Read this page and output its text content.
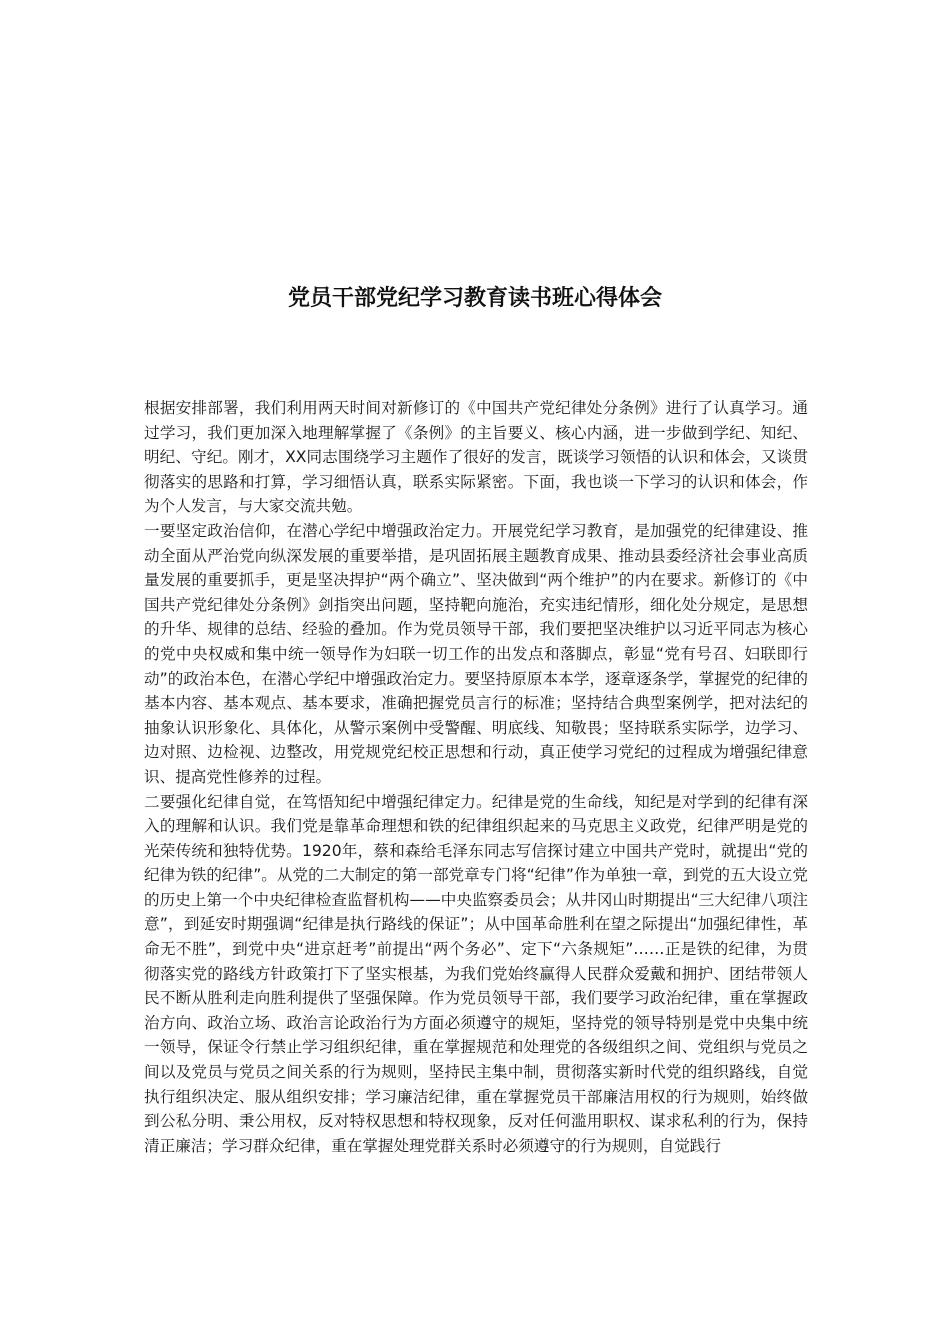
党员干部党纪学习教育读书班心得体会

根据安排部署，我们利用两天时间对新修订的《中国共产党纪律处分条例》进行了认真学习。通过学习，我们更加深入地理解掌握了《条例》的主旨要义、核心内涵，进一步做到学纪、知纪、明纪、守纪。刚才，XX同志围绕学习主题作了很好的发言，既谈学习领悟的认识和体会，又谈贯彻落实的思路和打算，学习细悟认真，联系实际紧密。下面，我也谈一下学习的认识和体会，作为个人发言，与大家交流共勉。

一要坚定政治信仰，在潜心学纪中增强政治定力。开展党纪学习教育，是加强党的纪律建设、推动全面从严治党向纵深发展的重要举措，是巩固拓展主题教育成果、推动县委经济社会事业高质量发展的重要抓手，更是坚决捍护“两个确立”、坚决做到“两个维护”的内在要求。新修订的《中国共产党纪律处分条例》剑指突出问题，坚持靶向施治，充实违纪情形，细化处分规定，是思想的升华、规律的总结、经验的叠加。作为党员领导干部，我们要把坚决维护以习近平同志为核心的党中央权威和集中统一领导作为妇联一切工作的出发点和落脚点，彰显“党有号召、妇联即行动”的政治本色，在潜心学纪中增强政治定力。要坚持原原本本学，逐章逐条学，掌握党的纪律的基本内容、基本观点、基本要求，准确把握党员言行的标准；坚持结合典型案例学，把对法纪的抽象认识形象化、具体化，从警示案例中受警醒、明底线、知敬畏；坚持联系实际学，边学习、边对照、边检视、边整改，用党规党纪校正思想和行动，真正使学习党纪的过程成为增强纪律意识、提高党性修养的过程。

二要强化纪律自觉，在笃悟知纪中增强纪律定力。纪律是党的生命线，知纪是对学到的纪律有深入的理解和认识。我们党是靠革命理想和铁的纪律组织起来的马克思主义政党，纪律严明是党的光荣传统和独特优势。1920年，蔡和森给毛泽东同志写信探讨建立中国共产党时，就提出“党的纪律为铁的纪律”。从党的二大制定的第一部党章专门将“纪律”作为单独一章，到党的五大设立党的历史上第一个中央纪律检查监督机构——中央监察委员会；从井冈山时期提出“三大纪律八项注意”，到延安时期强调“纪律是执行路线的保证”；从中国革命胜利在望之际提出“加强纪律性，革命无不胜”，到党中央“进京赶考”前提出“两个务必”、定下“六条规矩”……正是铁的纪律，为贯彻落实党的路线方针政策打下了坚实根基，为我们党始终赢得人民群众爱戴和拥护、团结带领人民不断从胜利走向胜利提供了坚强保障。作为党员领导干部，我们要学习政治纪律，重在掌握政治方向、政治立场、政治言论政治行为方面必须遵守的规矩，坚持党的领导特别是党中央集中统一领导，保证令行禁止学习组织纪律，重在掌握规范和处理党的各级组织之间、党组织与党员之间以及党员与党员之间关系的行为规则，坚持民主集中制，贯彻落实新时代党的组织路线，自觉执行组织决定、服从组织安排；学习廉洁纪律，重在掌握党员干部廉洁用权的行为规则，始终做到公私分明、秉公用权，反对特权思想和特权现象，反对任何滥用职权、谋求私利的行为，保持清正廉洁；学习群众纪律，重在掌握处理党群关系时必须遵守的行为规则，自觉践行
